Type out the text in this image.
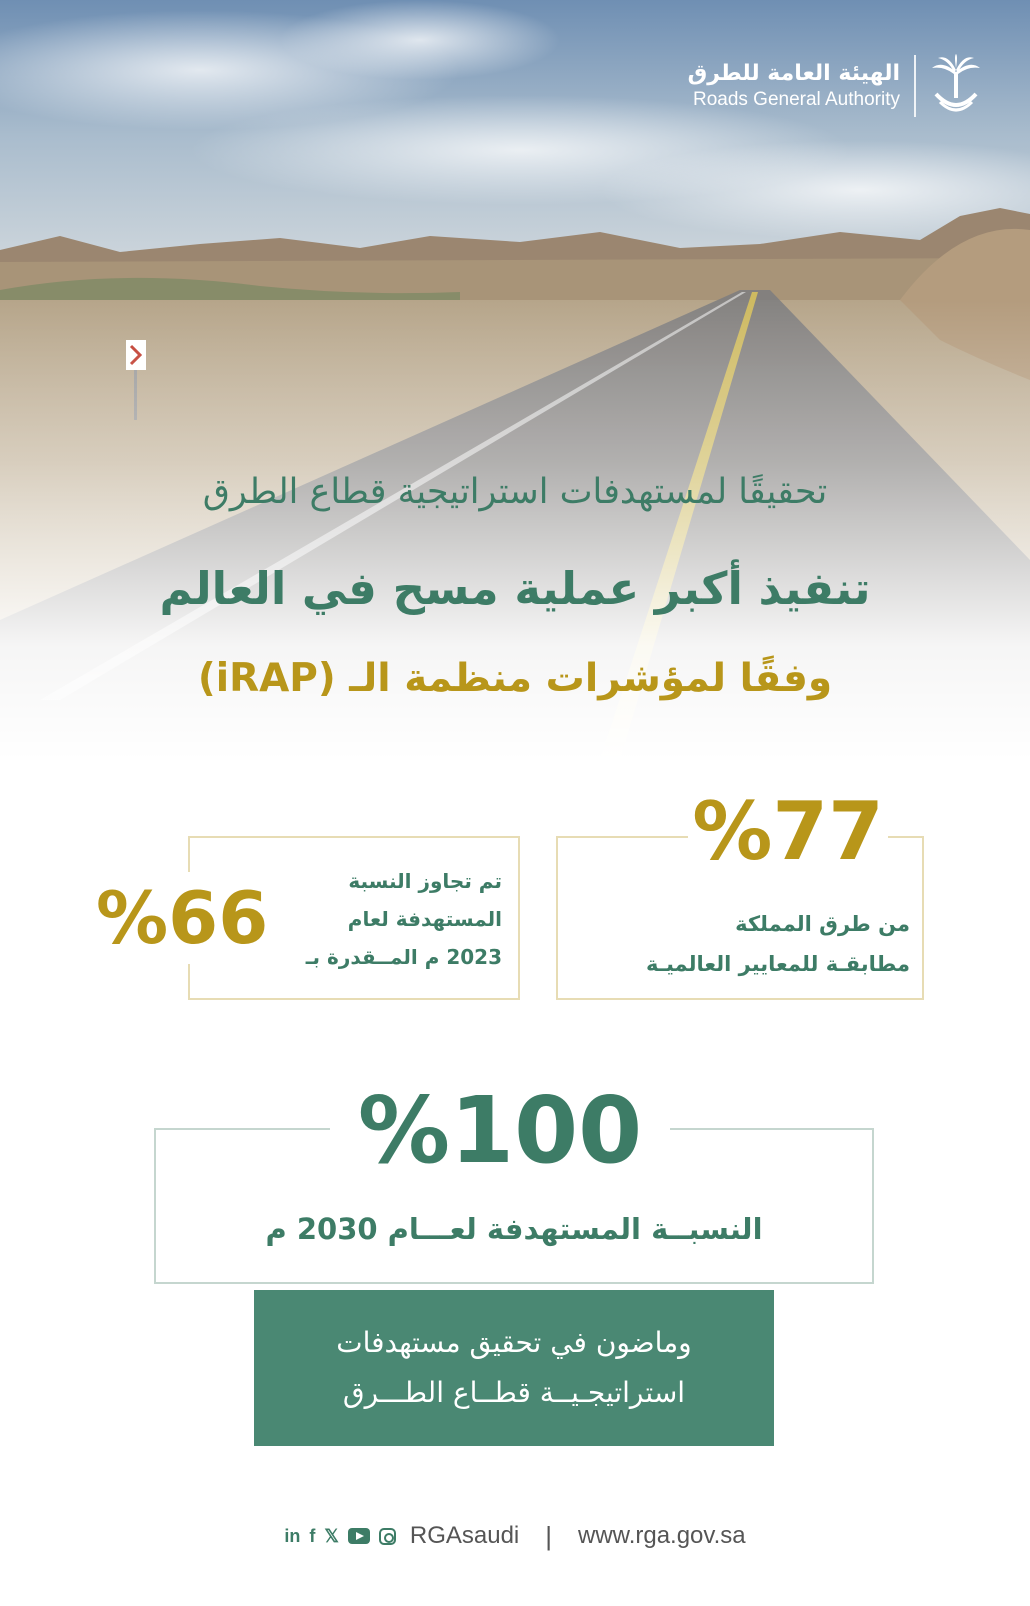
الهيئة العامة للطرق
Roads General Authority
تحقيقًا لمستهدفات استراتيجية قطاع الطرق
تنفيذ أكبر عملية مسح في العالم
وفقًا لمؤشرات منظمة الـ (iRAP)
%77
من طرق المملكة
مطابقـة للمعايير العالميـة
%66	تم تجاوز النسبة
المستهدفة لعام
2023 م المــقدرة بـ
%100
النسبــة المستهدفة لعـــام 2030 م
وماضون في تحقيق مستهدفات
استراتيجـيــة قطــاع الطـــرق
in f 𝕏	RGAsaudi | www.rga.gov.sa
